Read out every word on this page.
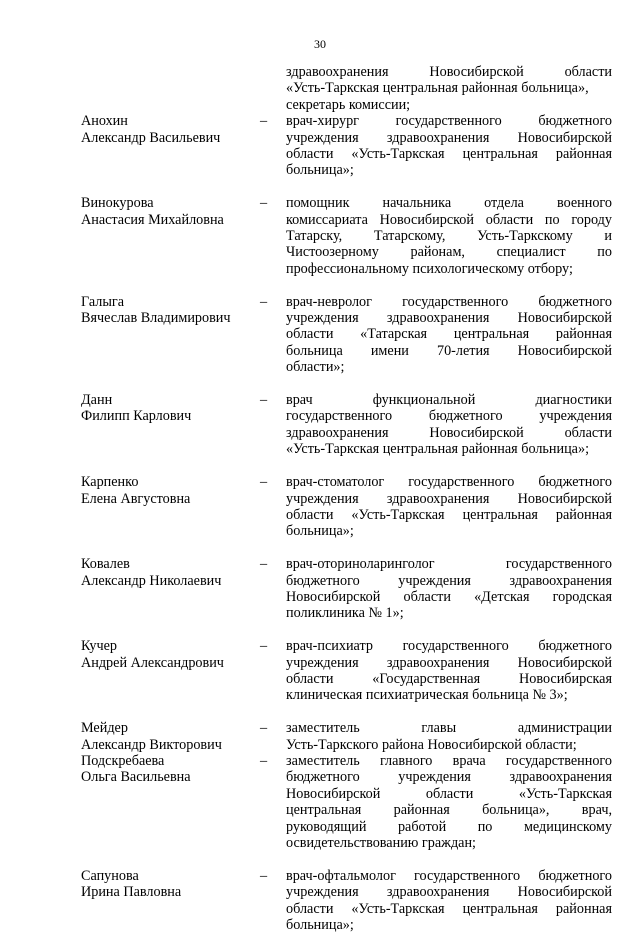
30
здравоохранения Новосибирской области
«Усть-Таркская центральная районная больница»,
секретарь комиссии;
Анохин
Александр Васильевич
–	врач-хирург государственного бюджетного
учреждения здравоохранения Новосибирской
области «Усть-Таркская центральная районная
больница»;
Винокурова
Анастасия Михайловна
–	помощник начальника отдела военного
комиссариата Новосибирской области по городу
Татарску, Татарскому, Усть-Таркскому и
Чистоозерному районам, специалист по
профессиональному психологическому отбору;
Галыга
Вячеслав Владимирович
–	врач-невролог государственного бюджетного
учреждения здравоохранения Новосибирской
области «Татарская центральная районная
больница имени 70-летия Новосибирской
области»;
Данн
Филипп Карлович
–	врач функциональной диагностики
государственного бюджетного учреждения
здравоохранения Новосибирской области
«Усть-Таркская центральная районная больница»;
Карпенко
Елена Августовна
–	врач-стоматолог государственного бюджетного
учреждения здравоохранения Новосибирской
области «Усть-Таркская центральная районная
больница»;
Ковалев
Александр Николаевич
–	врач-оториноларинголог государственного
бюджетного учреждения здравоохранения
Новосибирской области «Детская городская
поликлиника № 1»;
Кучер
Андрей Александрович
–	врач-психиатр государственного бюджетного
учреждения здравоохранения Новосибирской
области «Государственная Новосибирская
клиническая психиатрическая больница № 3»;
Мейдер
Александр Викторович
–	заместитель главы администрации
Усть-Таркского района Новосибирской области;
Подскребаева
Ольга Васильевна
–	заместитель главного врача государственного
бюджетного учреждения здравоохранения
Новосибирской области «Усть-Таркская
центральная районная больница», врач,
руководящий работой по медицинскому
освидетельствованию граждан;
Сапунова
Ирина Павловна
–	врач-офтальмолог государственного бюджетного
учреждения здравоохранения Новосибирской
области «Усть-Таркская центральная районная
больница»;
